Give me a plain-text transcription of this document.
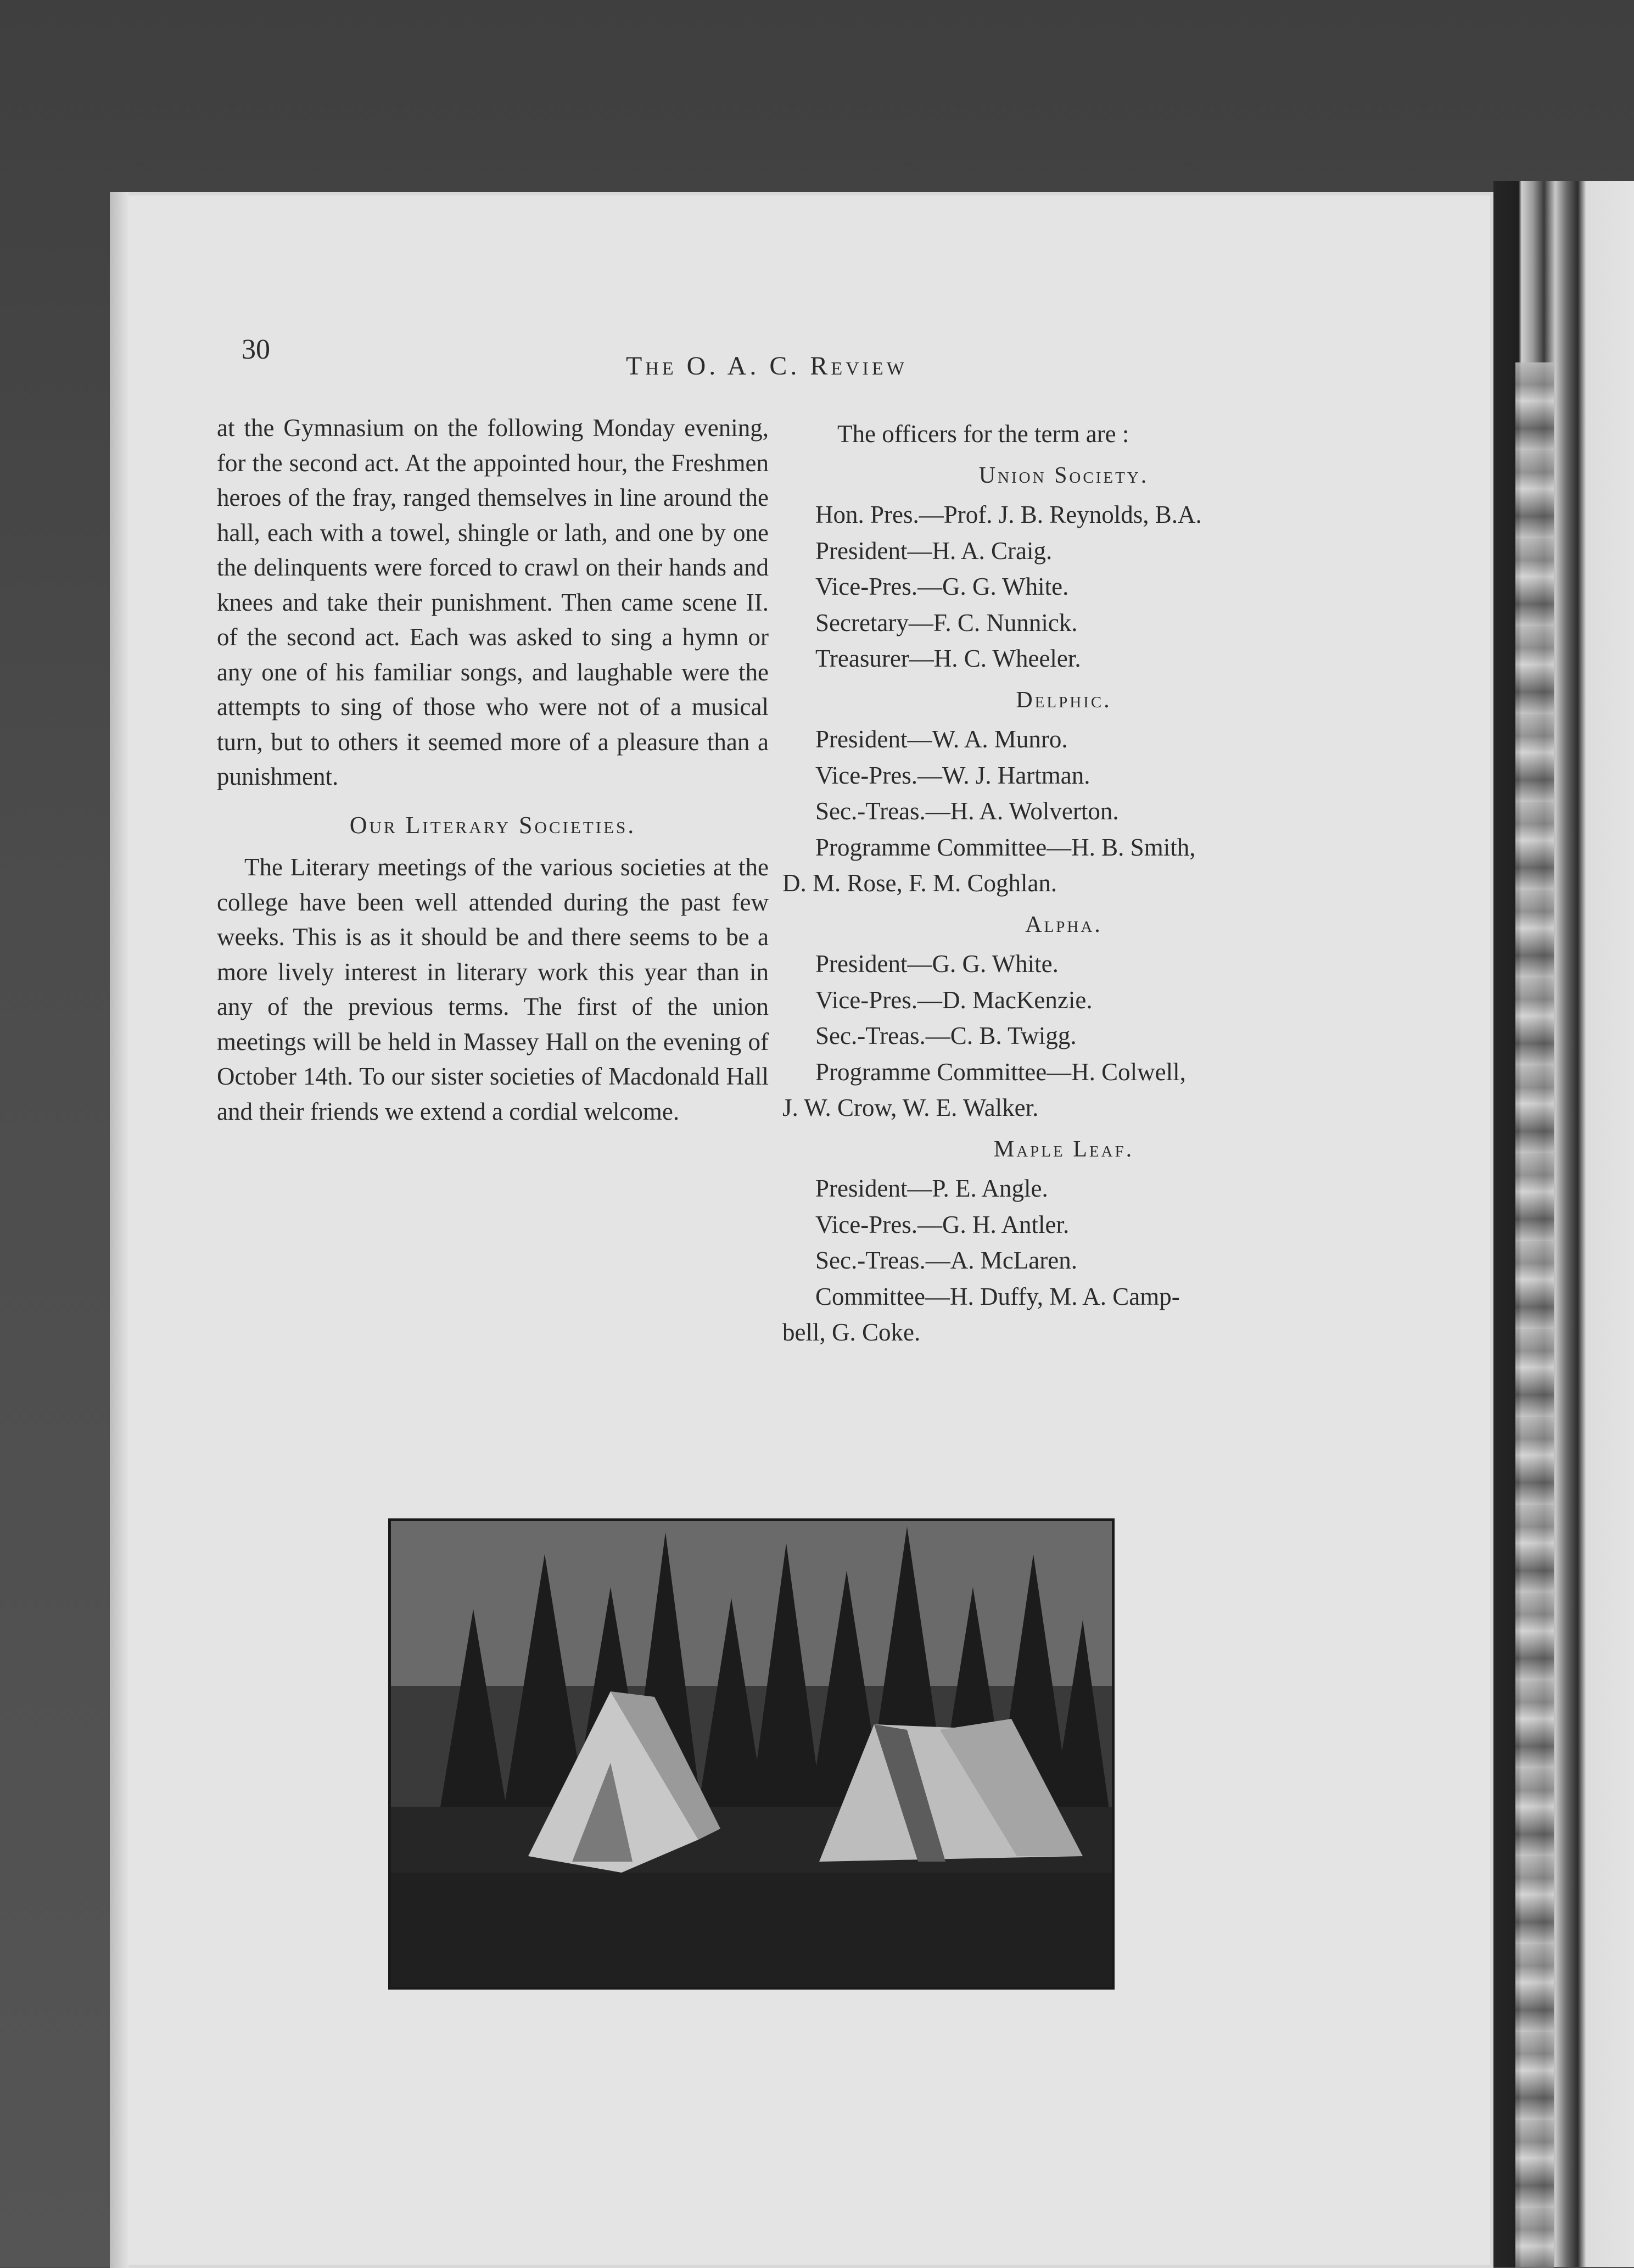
30
The O. A. C. Review

at the Gymnasium on the following Monday evening, for the second act. At the appointed hour, the Freshmen heroes of the fray, ranged themselves in line around the hall, each with a towel, shingle or lath, and one by one the delinquents were forced to crawl on their hands and knees and take their punishment. Then came scene II. of the second act. Each was asked to sing a hymn or any one of his familiar songs, and laughable were the attempts to sing of those who were not of a musical turn, but to others it seemed more of a pleasure than a punishment.

Our Literary Societies.

The Literary meetings of the various societies at the college have been well attended during the past few weeks. This is as it should be and there seems to be a more lively interest in literary work this year than in any of the previous terms. The first of the union meetings will be held in Massey Hall on the evening of October 14th. To our sister societies of Macdonald Hall and their friends we extend a cordial welcome.

The officers for the term are :
Union Society.
Hon. Pres.—Prof. J. B. Reynolds, B.A.
President—H. A. Craig.
Vice-Pres.—G. G. White.
Secretary—F. C. Nunnick.
Treasurer—H. C. Wheeler.
Delphic.
President—W. A. Munro.
Vice-Pres.—W. J. Hartman.
Sec.-Treas.—H. A. Wolverton.
Programme Committee—H. B. Smith,
D. M. Rose, F. M. Coghlan.
Alpha.
President—G. G. White.
Vice-Pres.—D. MacKenzie.
Sec.-Treas.—C. B. Twigg.
Programme Committee—H. Colwell,
J. W. Crow, W. E. Walker.
Maple Leaf.
President—P. E. Angle.
Vice-Pres.—G. H. Antler.
Sec.-Treas.—A. McLaren.
Committee—H. Duffy, M. A. Camp-
bell, G. Coke.
